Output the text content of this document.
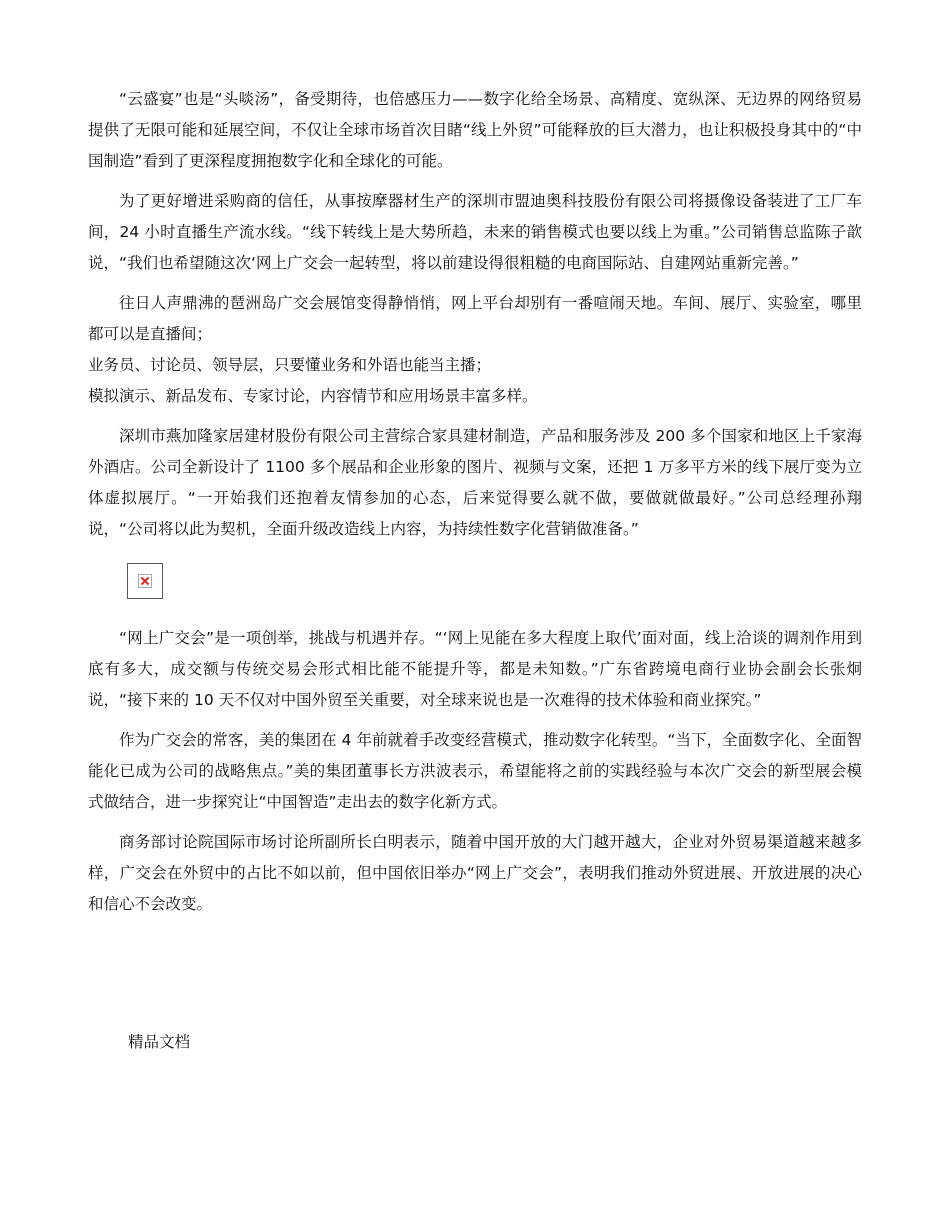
“云盛宴”也是“头啖汤”，备受期待，也倍感压力——数字化给全场景、高精度、宽纵深、无边界的网络贸易提供了无限可能和延展空间，不仅让全球市场首次目睹“线上外贸”可能释放的巨大潜力，也让积极投身其中的“中国制造”看到了更深程度拥抱数字化和全球化的可能。

为了更好增进采购商的信任，从事按摩器材生产的深圳市盟迪奥科技股份有限公司将摄像设备装进了工厂车间，24 小时直播生产流水线。“线下转线上是大势所趋，未来的销售模式也要以线上为重。”公司销售总监陈子歆说，“我们也希望随这次‘网上广交会一起转型，将以前建设得很粗糙的电商国际站、自建网站重新完善。”

往日人声鼎沸的琶洲岛广交会展馆变得静悄悄，网上平台却别有一番喧闹天地。车间、展厅、实验室，哪里都可以是直播间；

业务员、讨论员、领导层，只要懂业务和外语也能当主播；

模拟演示、新品发布、专家讨论，内容情节和应用场景丰富多样。

深圳市燕加隆家居建材股份有限公司主营综合家具建材制造，产品和服务涉及 200 多个国家和地区上千家海外酒店。公司全新设计了 1100 多个展品和企业形象的图片、视频与文案，还把 1 万多平方米的线下展厅变为立体虚拟展厅。“一开始我们还抱着友情参加的心态，后来觉得要么就不做，要做就做最好。”公司总经理孙翔说，“公司将以此为契机，全面升级改造线上内容，为持续性数字化营销做准备。”

“网上广交会”是一项创举，挑战与机遇并存。“‘网上见能在多大程度上取代’面对面，线上洽谈的调剂作用到底有多大，成交额与传统交易会形式相比能不能提升等，都是未知数。”广东省跨境电商行业协会副会长张炯说，“接下来的 10 天不仅对中国外贸至关重要，对全球来说也是一次难得的技术体验和商业探究。”

作为广交会的常客，美的集团在 4 年前就着手改变经营模式，推动数字化转型。“当下，全面数字化、全面智能化已成为公司的战略焦点。”美的集团董事长方洪波表示，希望能将之前的实践经验与本次广交会的新型展会模式做结合，进一步探究让“中国智造”走出去的数字化新方式。

商务部讨论院国际市场讨论所副所长白明表示，随着中国开放的大门越开越大，企业对外贸易渠道越来越多样，广交会在外贸中的占比不如以前，但中国依旧举办“网上广交会”，表明我们推动外贸进展、开放进展的决心和信心不会改变。

精品文档
